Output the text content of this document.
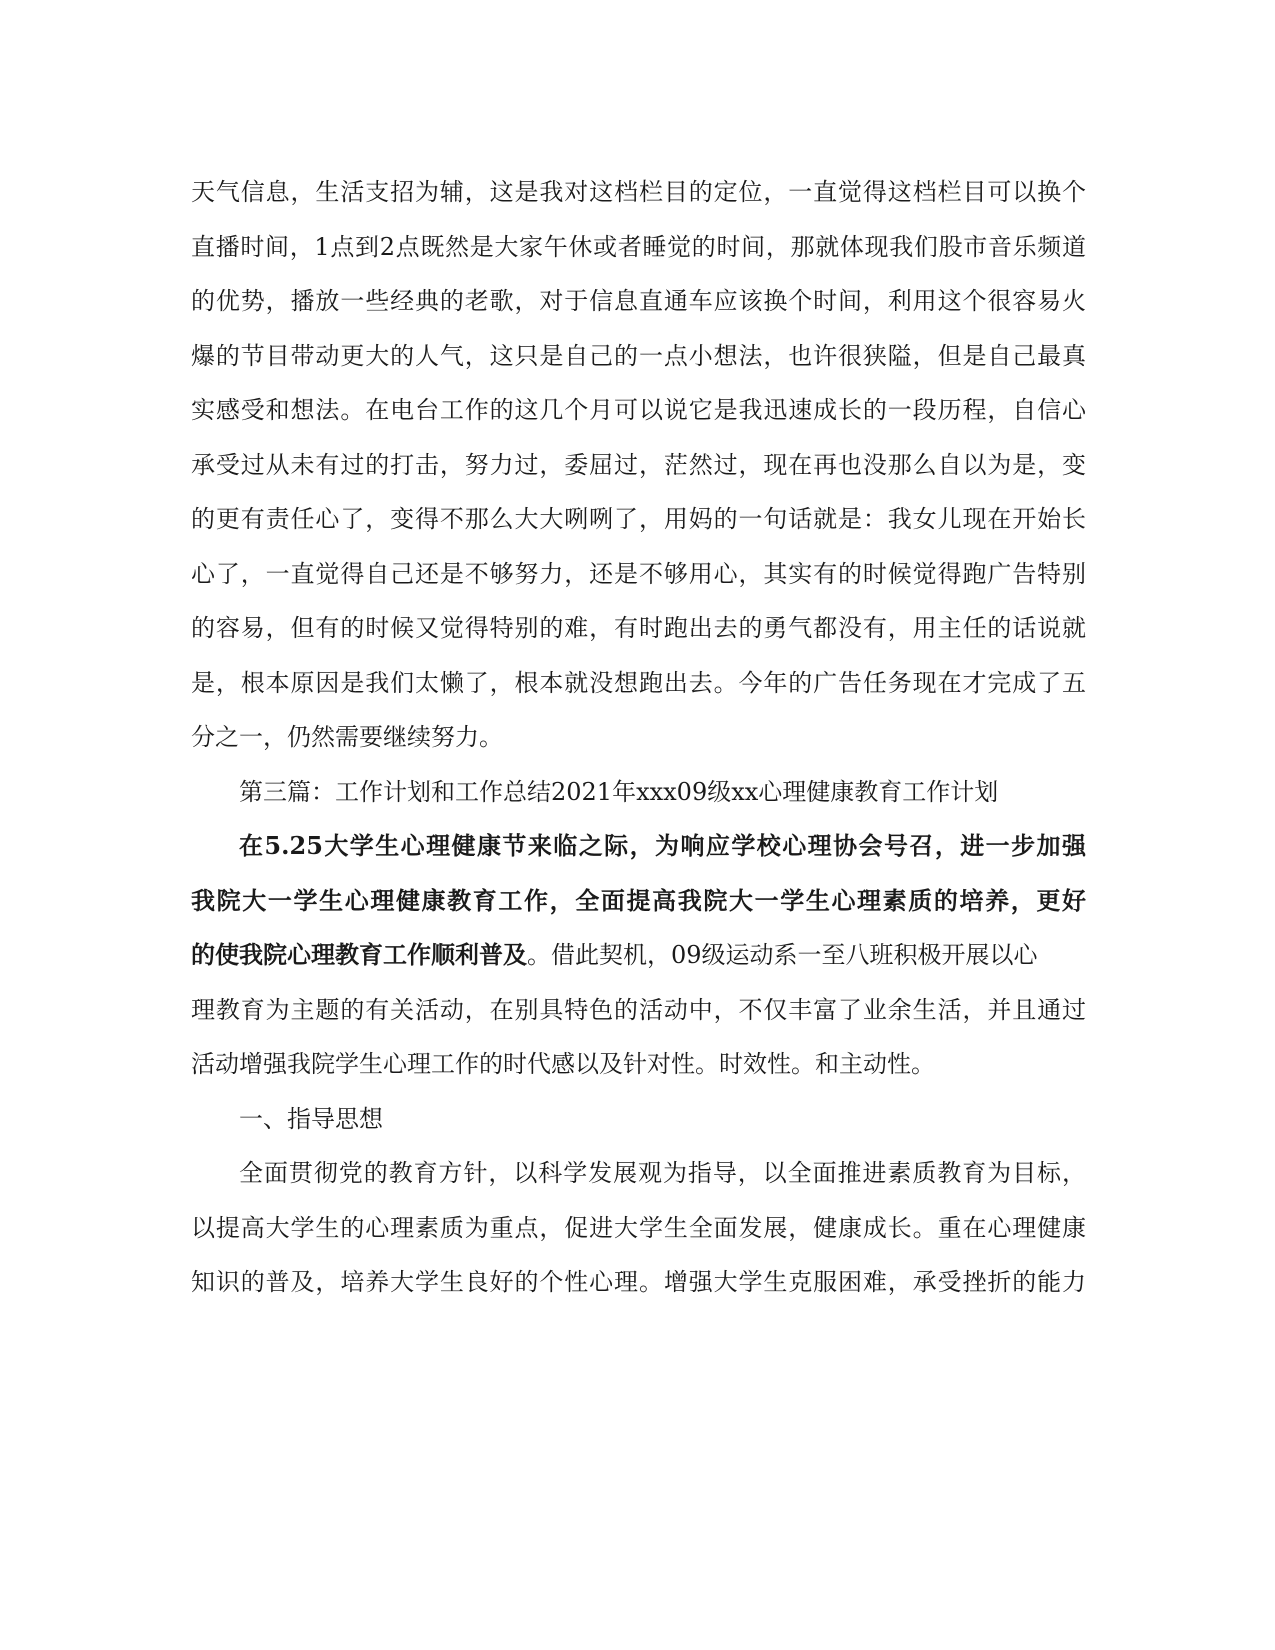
天气信息，生活支招为辅，这是我对这档栏目的定位，一直觉得这档栏目可以换个
直播时间，1点到2点既然是大家午休或者睡觉的时间，那就体现我们股市音乐频道
的优势，播放一些经典的老歌，对于信息直通车应该换个时间，利用这个很容易火
爆的节目带动更大的人气，这只是自己的一点小想法，也许很狭隘，但是自己最真
实感受和想法。在电台工作的这几个月可以说它是我迅速成长的一段历程，自信心
承受过从未有过的打击，努力过，委屈过，茫然过，现在再也没那么自以为是，变
的更有责任心了，变得不那么大大咧咧了，用妈的一句话就是：我女儿现在开始长
心了，一直觉得自己还是不够努力，还是不够用心，其实有的时候觉得跑广告特别
的容易，但有的时候又觉得特别的难，有时跑出去的勇气都没有，用主任的话说就
是，根本原因是我们太懒了，根本就没想跑出去。今年的广告任务现在才完成了五
分之一，仍然需要继续努力。
第三篇：工作计划和工作总结2021年xxx09级xx心理健康教育工作计划
在5.25大学生心理健康节来临之际，为响应学校心理协会号召，进一步加强
我院大一学生心理健康教育工作，全面提高我院大一学生心理素质的培养，更好
的使我院心理教育工作顺利普及。借此契机，09级运动系一至八班积极开展以心
理教育为主题的有关活动，在别具特色的活动中，不仅丰富了业余生活，并且通过
活动增强我院学生心理工作的时代感以及针对性。时效性。和主动性。
一、指导思想
全面贯彻党的教育方针，以科学发展观为指导，以全面推进素质教育为目标，
以提高大学生的心理素质为重点，促进大学生全面发展，健康成长。重在心理健康
知识的普及，培养大学生良好的个性心理。增强大学生克服困难，承受挫折的能力
